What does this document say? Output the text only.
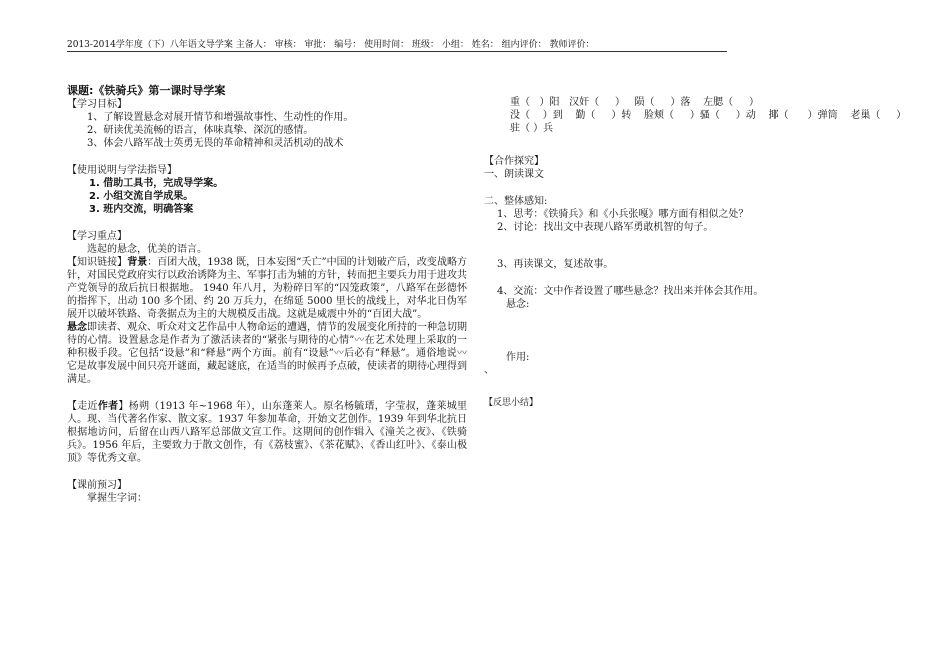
2013-2014学年度（下）八年语文导学案 主备人： 审核： 审批： 编号： 使用时间： 班级： 小组： 姓名： 组内评价： 教师评价：
课题:《铁骑兵》第一课时导学案
【学习目标】
1、了解设置悬念对展开情节和增强故事性、生动性的作用。
2、研读优美流畅的语言，体味真挚、深沉的感情。
3、体会八路军战士英勇无畏的革命精神和灵活机动的战术
【使用说明与学法指导】
1. 借助工具书，完成导学案。
2. 小组交流自学成果。
3. 班内交流，明确答案
【学习重点】
选起的悬念，优美的语言。
【知识链接】背景：百团大战，1938 既，日本妄图“夭亡”中国的计划破产后，改变战略方针，对国民党政府实行以政治诱降为主、军事打击为辅的方针，转而把主要兵力用于进攻共产党领导的敌后抗日根据地。 1940 年八月，为粉碎日军的“囚笼政策”，八路军在彭德怀的指挥下，出动 100 多个团、约 20 万兵力，在绵延 5000 里长的战线上，对华北日伪军展开以破坏铁路、奇袭据点为主的大规模反击战。这就是威震中外的“百团大战”。
悬念即读者、观众、听众对文艺作品中人物命运的遭遇，情节的发展变化所持的一种急切期待的心情。设置悬念是作者为了激活读者的“紧张与期待的心情”〰在艺术处理上采取的一种积极手段。它包括“设悬”和“释悬”两个方面。前有“设悬”〰后必有“释悬”。通俗地说〰它是故事发展中间只亮开谜面，藏起谜底，在适当的时候再予点破，使读者的期待心理得到满足。
【走近作者】杨朔（1913 年~1968 年），山东蓬莱人。原名杨毓瑨，字莹叔，蓬莱城里人。现、当代著名作家、散文家。1937 年参加革命，开始文艺创作。1939 年到华北抗日根据地访问，后留在山西八路军总部做文宣工作。这期间的创作辑入《潼关之夜》、《铁骑兵》。1956 年后，主要致力于散文创作，有《荔枝蜜》、《茶花赋》、《香山红叶》、《泰山极顶》等优秀文章。
【课前预习】
掌握生字词：
重（   ）阳   汉奸（     ）   陨（     ）落    左腮（     ）
没（    ）到    勤（     ）转    脸颊（     ）骚（     ）动    揶（      ）弹筒    老巢（     ）
驻（ ）兵
【合作探究】
一、朗读课文
二、整体感知:
1、思考：《铁骑兵》和《小兵张嘎》哪方面有相似之处？
2、讨论：找出文中表现八路军勇敢机智的句子。
3、再读课文，复述故事。
4、交流：文中作者设置了哪些悬念？找出来并体会其作用。
悬念:
作用:
、
【反思小结】
